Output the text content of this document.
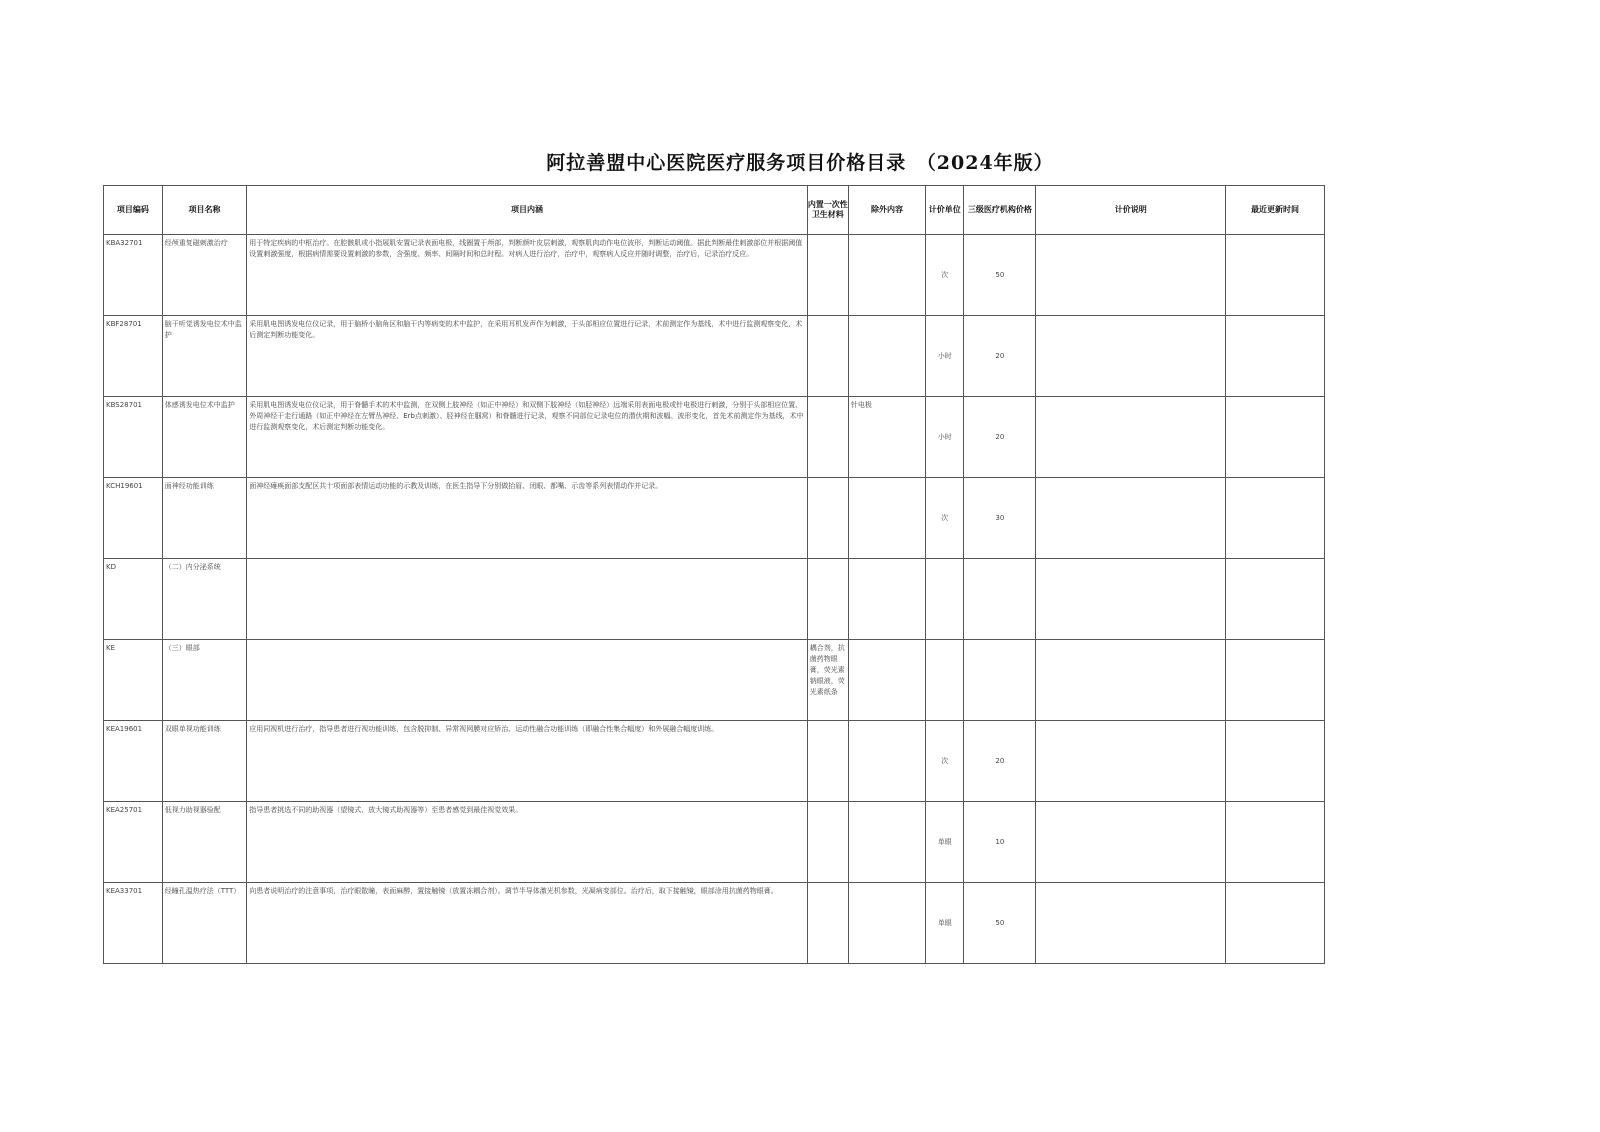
阿拉善盟中心医院医疗服务项目价格目录　（2024年版）
项目编码	项目名称	项目内涵	内置一次性卫生材料	除外内容	计价单位	三级医疗机构价格	计价说明	最近更新时间
KBA32701	经颅重复磁刺激治疗	用于特定疾病的中枢治疗。在腔骸肌或小指展肌安置记录表面电极，线圈置于颅部，判断颜叶皮层刺激，观察肌肉动作电位波形，判断运动阈值。据此判断最佳刺激部位并根据阈值设置刺激强度，根据病情需要设置刺激的参数，含强度、频率、间隔时间和总时程。对病人进行治疗，治疗中，观察病人反应并随时调整，治疗后，记录治疗反应。			次	50		
KBF28701	脑干听觉诱发电位术中监护	采用肌电图诱发电位仪记录，用于脑桥小脑角区和脑干内等病变的术中监护，在采用耳机发声作为刺激，于头部相应位置进行记录，术前测定作为基线，术中进行监测观察变化，术后测定判断功能变化。			小时	20		
KBS28701	体感诱发电位术中监护	采用肌电图诱发电位仪记录，用于脊髓手术的术中监测，在双侧上肢神经（如正中神经）和双侧下肢神经（如胫神经）远端采用表面电极或针电极进行刺激，分别于头部相应位置、外周神经干走行通路（如正中神经在左臂丛神经、Erb点刺激）、胫神经在腘窝）和脊髓进行记录，观察不同部位记录电位的潜伏期和波幅、波形变化，首先术前测定作为基线，术中进行监测观察变化，术后测定判断功能变化。		针电极	小时	20		
KCH19601	面神经功能训练	面神经瘫痪面部支配区共十项面部表情运动功能的示教及训练，在医生指导下分别做抬眉、闭眼、都嘴、示齿等系列表情动作并记录。			次	30		
KD	（二）内分泌系统							
KE	（三）眼部		耦合剂，抗菌药物眼膏，荧光素钠眼液，荧光素纸条					
KEA19601	双眼单视功能训练	应用同视机进行治疗，指导患者进行视功能训练，包含脱抑制、异常视网膜对应矫治、运动性融合功能训练（即融合性集合幅度）和外展融合幅度训练。			次	20		
KEA25701	低视力助视器验配	指导患者挑选不同的助视器（望镜式、放大镜式助视器等）至患者感觉到最佳视觉效果。			单眼	10		
KEA33701	经瞳孔温热疗法（TTT）	向患者说明治疗的注意事项，治疗眼散瞳，表面麻醉，置接触镜（放置冻耦合剂）。调节半导体激光机参数，光凝病变部位。治疗后，取下接触镜，眼部涂用抗菌药物眼膏。			单眼	50		
